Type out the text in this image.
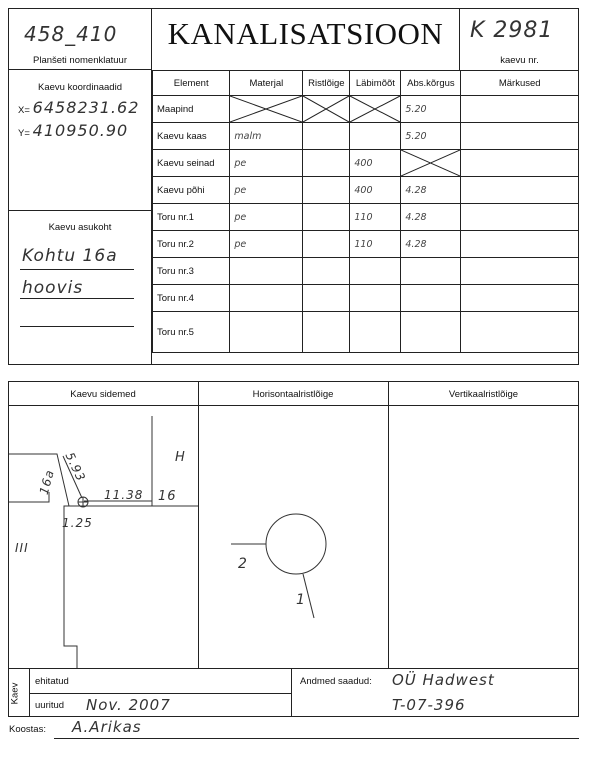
458_410
Planšeti nomenklatuur
KANALISATSIOON	K 2981
kaevu nr.
Kaevu koordinaadid
X= 6458231.62
Y= 410950.90
Kaevu asukoht
Kohtu 16a
hoovis
Element	Materjal	Ristlõige	Läbimõõt	Abs.kõrgus	Märkused
Maapind				5.20	
Kaevu kaas	malm			5.20	
Kaevu seinad	pe		400	

Kaevu põhi	pe		400	4.28	
Toru nr.1	pe		110	4.28	
Toru nr.2	pe		110	4.28	
Toru nr.3					
Toru nr.4					
Toru nr.5					
Kaevu sidemed	Horisontaalristlõige	Vertikaalristlõige
16a 5.93
11.38 16
1.25
H
III
2
1
Kaev
ehitatud
uuritud Nov. 2007
Andmed saadud: OÜ Hadwest
T-07-396
Koostas: A.Arikas
